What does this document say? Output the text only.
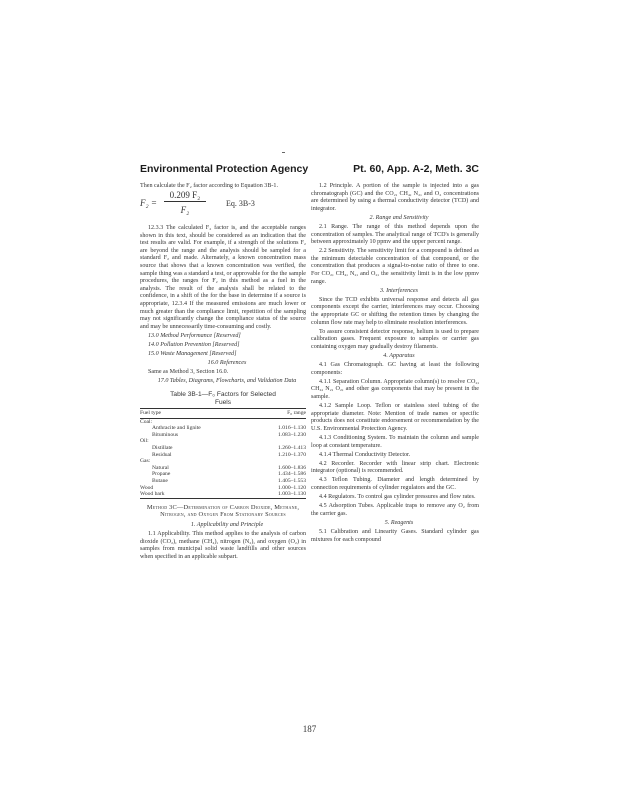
Environmental Protection Agency	Pt. 60, App. A-2, Meth. 3C

Then calculate the F₂ factor according to Equation 3B-1.

F₂ =
0.209 F₂
F₂
Eq. 3B-3

12.3.3 The calculated F₂ factor is, and the acceptable ranges shown in this text, should be considered as an indication that the test results are valid. For example, if a strength of the solutions F₂ are beyond the range and the analysis should be sampled for a standard F₂ and made. Alternately, a known concentration mass source that shows that a known concentration was verified, the sample thing was a standard a test, or approvable for the the sample procedures, the ranges for F₂ in this method as a fuel in the analysis. The result of the analysis shall be related to the confidence, in a shift of the for the base in determine if a source is appropriate, 12.3.4 If the measured emissions are much lower or much greater than the compliance limit, repetition of the sampling may not significantly change the compliance status of the source and may be unnecessarily time-consuming and costly.

13.0 Method Performance [Reserved]

14.0 Pollution Prevention [Reserved]

15.0 Waste Management [Reserved]

16.0 References

Same as Method 3, Section 16.0.

17.0 Tables, Diagrams, Flowcharts, and Validation Data

Table 3B-1—F₀ Factors for Selected
Fuels
Fuel type	F₀ range
Coal:	
Anthracite and lignite	1.016–1.130
Bituminous	1.083–1.230
Oil:	
Distillate	1.260–1.413
Residual	1.210–1.370
Gas:	
Natural	1.600–1.836
Propane	1.434–1.586
Butane	1.405–1.553
Wood	1.000–1.120
Wood bark	1.003–1.130
Method 3C—Determination of Carbon Dioxide, Methane, Nitrogen, and Oxygen From Stationary Sources

1. Applicability and Principle

1.1 Applicability. This method applies to the analysis of carbon dioxide (CO₂), methane (CH₄), nitrogen (N₂), and oxygen (O₂) in samples from municipal solid waste landfills and other sources when specified in an applicable subpart.

1.2 Principle. A portion of the sample is injected into a gas chromatograph (GC) and the CO₂, CH₄, N₂, and O₂ concentrations are determined by using a thermal conductivity detector (TCD) and integrator.

2. Range and Sensitivity

2.1 Range. The range of this method depends upon the concentration of samples. The analytical range of TCD's is generally between approximately 10 ppmv and the upper percent range.

2.2 Sensitivity. The sensitivity limit for a compound is defined as the minimum detectable concentration of that compound, or the concentration that produces a signal-to-noise ratio of three to one. For CO₂, CH₄, N₂, and O₂, the sensitivity limit is in the low ppmv range.

3. Interferences

Since the TCD exhibits universal response and detects all gas components except the carrier, interferences may occur. Choosing the appropriate GC or shifting the retention times by changing the column flow rate may help to eliminate resolution interferences.

To assure consistent detector response, helium is used to prepare calibration gases. Frequent exposure to samples or carrier gas containing oxygen may gradually destroy filaments.

4. Apparatus

4.1 Gas Chromatograph. GC having at least the following components:

4.1.1 Separation Column. Appropriate column(s) to resolve CO₂, CH₄, N₂, O₂, and other gas components that may be present in the sample.

4.1.2 Sample Loop. Teflon or stainless steel tubing of the appropriate diameter. Note: Mention of trade names or specific products does not constitute endorsement or recommendation by the U.S. Environmental Protection Agency.

4.1.3 Conditioning System. To maintain the column and sample loop at constant temperature.

4.1.4 Thermal Conductivity Detector.

4.2 Recorder. Recorder with linear strip chart. Electronic integrator (optional) is recommended.

4.3 Teflon Tubing. Diameter and length determined by connection requirements of cylinder regulators and the GC.

4.4 Regulators. To control gas cylinder pressures and flow rates.

4.5 Adsorption Tubes. Applicable traps to remove any O₂ from the carrier gas.

5. Reagents

5.1 Calibration and Linearity Gases. Standard cylinder gas mixtures for each compound

187
